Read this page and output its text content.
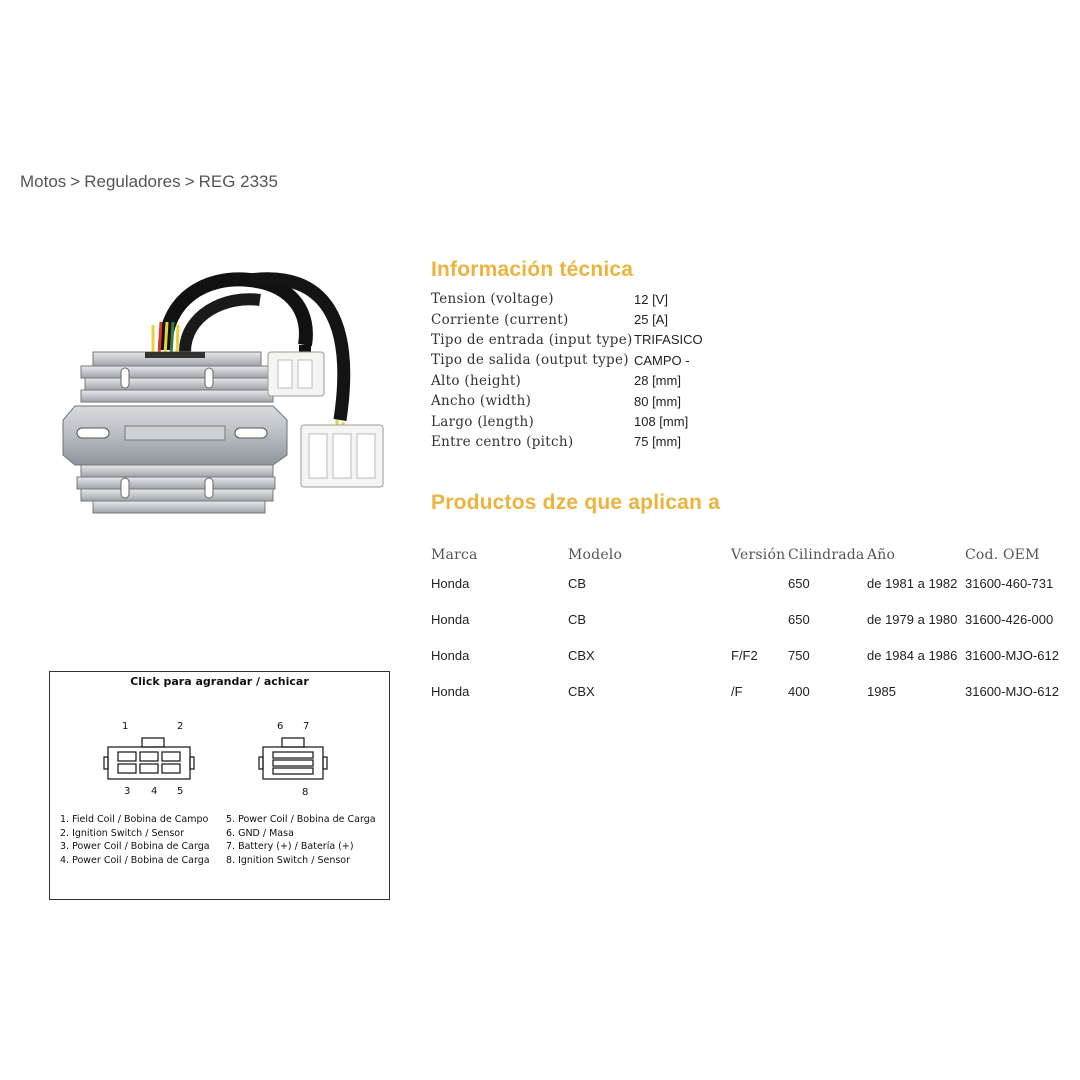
Motos > Reguladores > REG 2335
Click para agrandar / achicar
1	2
3 4 5
6 7
8
1. Field Coil / Bobina de Campo
2. Ignition Switch / Sensor
3. Power Coil / Bobina de Carga
4. Power Coil / Bobina de Carga
5. Power Coil / Bobina de Carga
6. GND / Masa
7. Battery (+) / Batería (+)
8. Ignition Switch / Sensor
Información técnica
Tension (voltage)	12 [V]
Corriente (current)	25 [A]
Tipo de entrada (input type)	TRIFASICO
Tipo de salida (output type)	CAMPO -
Alto (height)	28 [mm]
Ancho (width)	80 [mm]
Largo (length)	108 [mm]
Entre centro (pitch)	75 [mm]
Productos dze que aplican a
Marca	Modelo	Versión	Cilindrada	Año	Cod. OEM
Honda	CB		650	de 1981 a 1982	31600-460-731
Honda	CB		650	de 1979 a 1980	31600-426-000
Honda	CBX	F/F2	750	de 1984 a 1986	31600-MJO-612
Honda	CBX	/F	400	1985	31600-MJO-612
